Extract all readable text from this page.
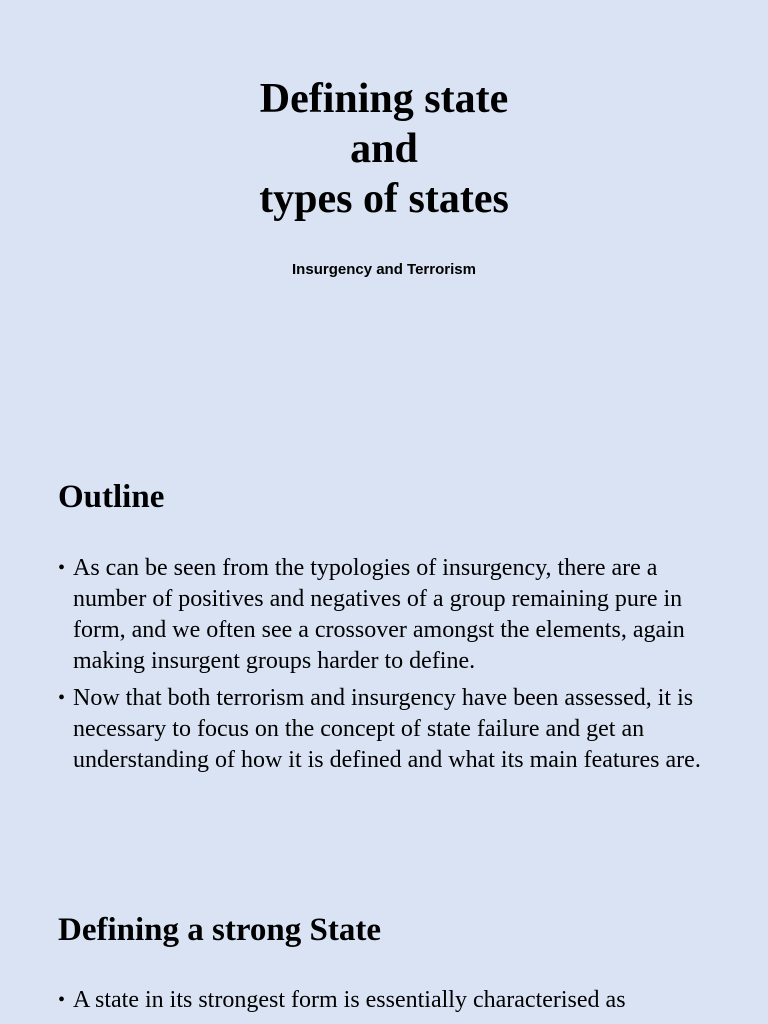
Defining state
and
types of states

Insurgency and Terrorism

Outline
• As can be seen from the typologies of insurgency, there are a number of positives and negatives of a group remaining pure in form, and we often see a crossover amongst the elements, again making insurgent groups harder to define.
• Now that both terrorism and insurgency have been assessed, it is necessary to focus on the concept of state failure and get an understanding of how it is defined and what its main features are.
Defining a strong State
• A state in its strongest form is essentially characterised as
